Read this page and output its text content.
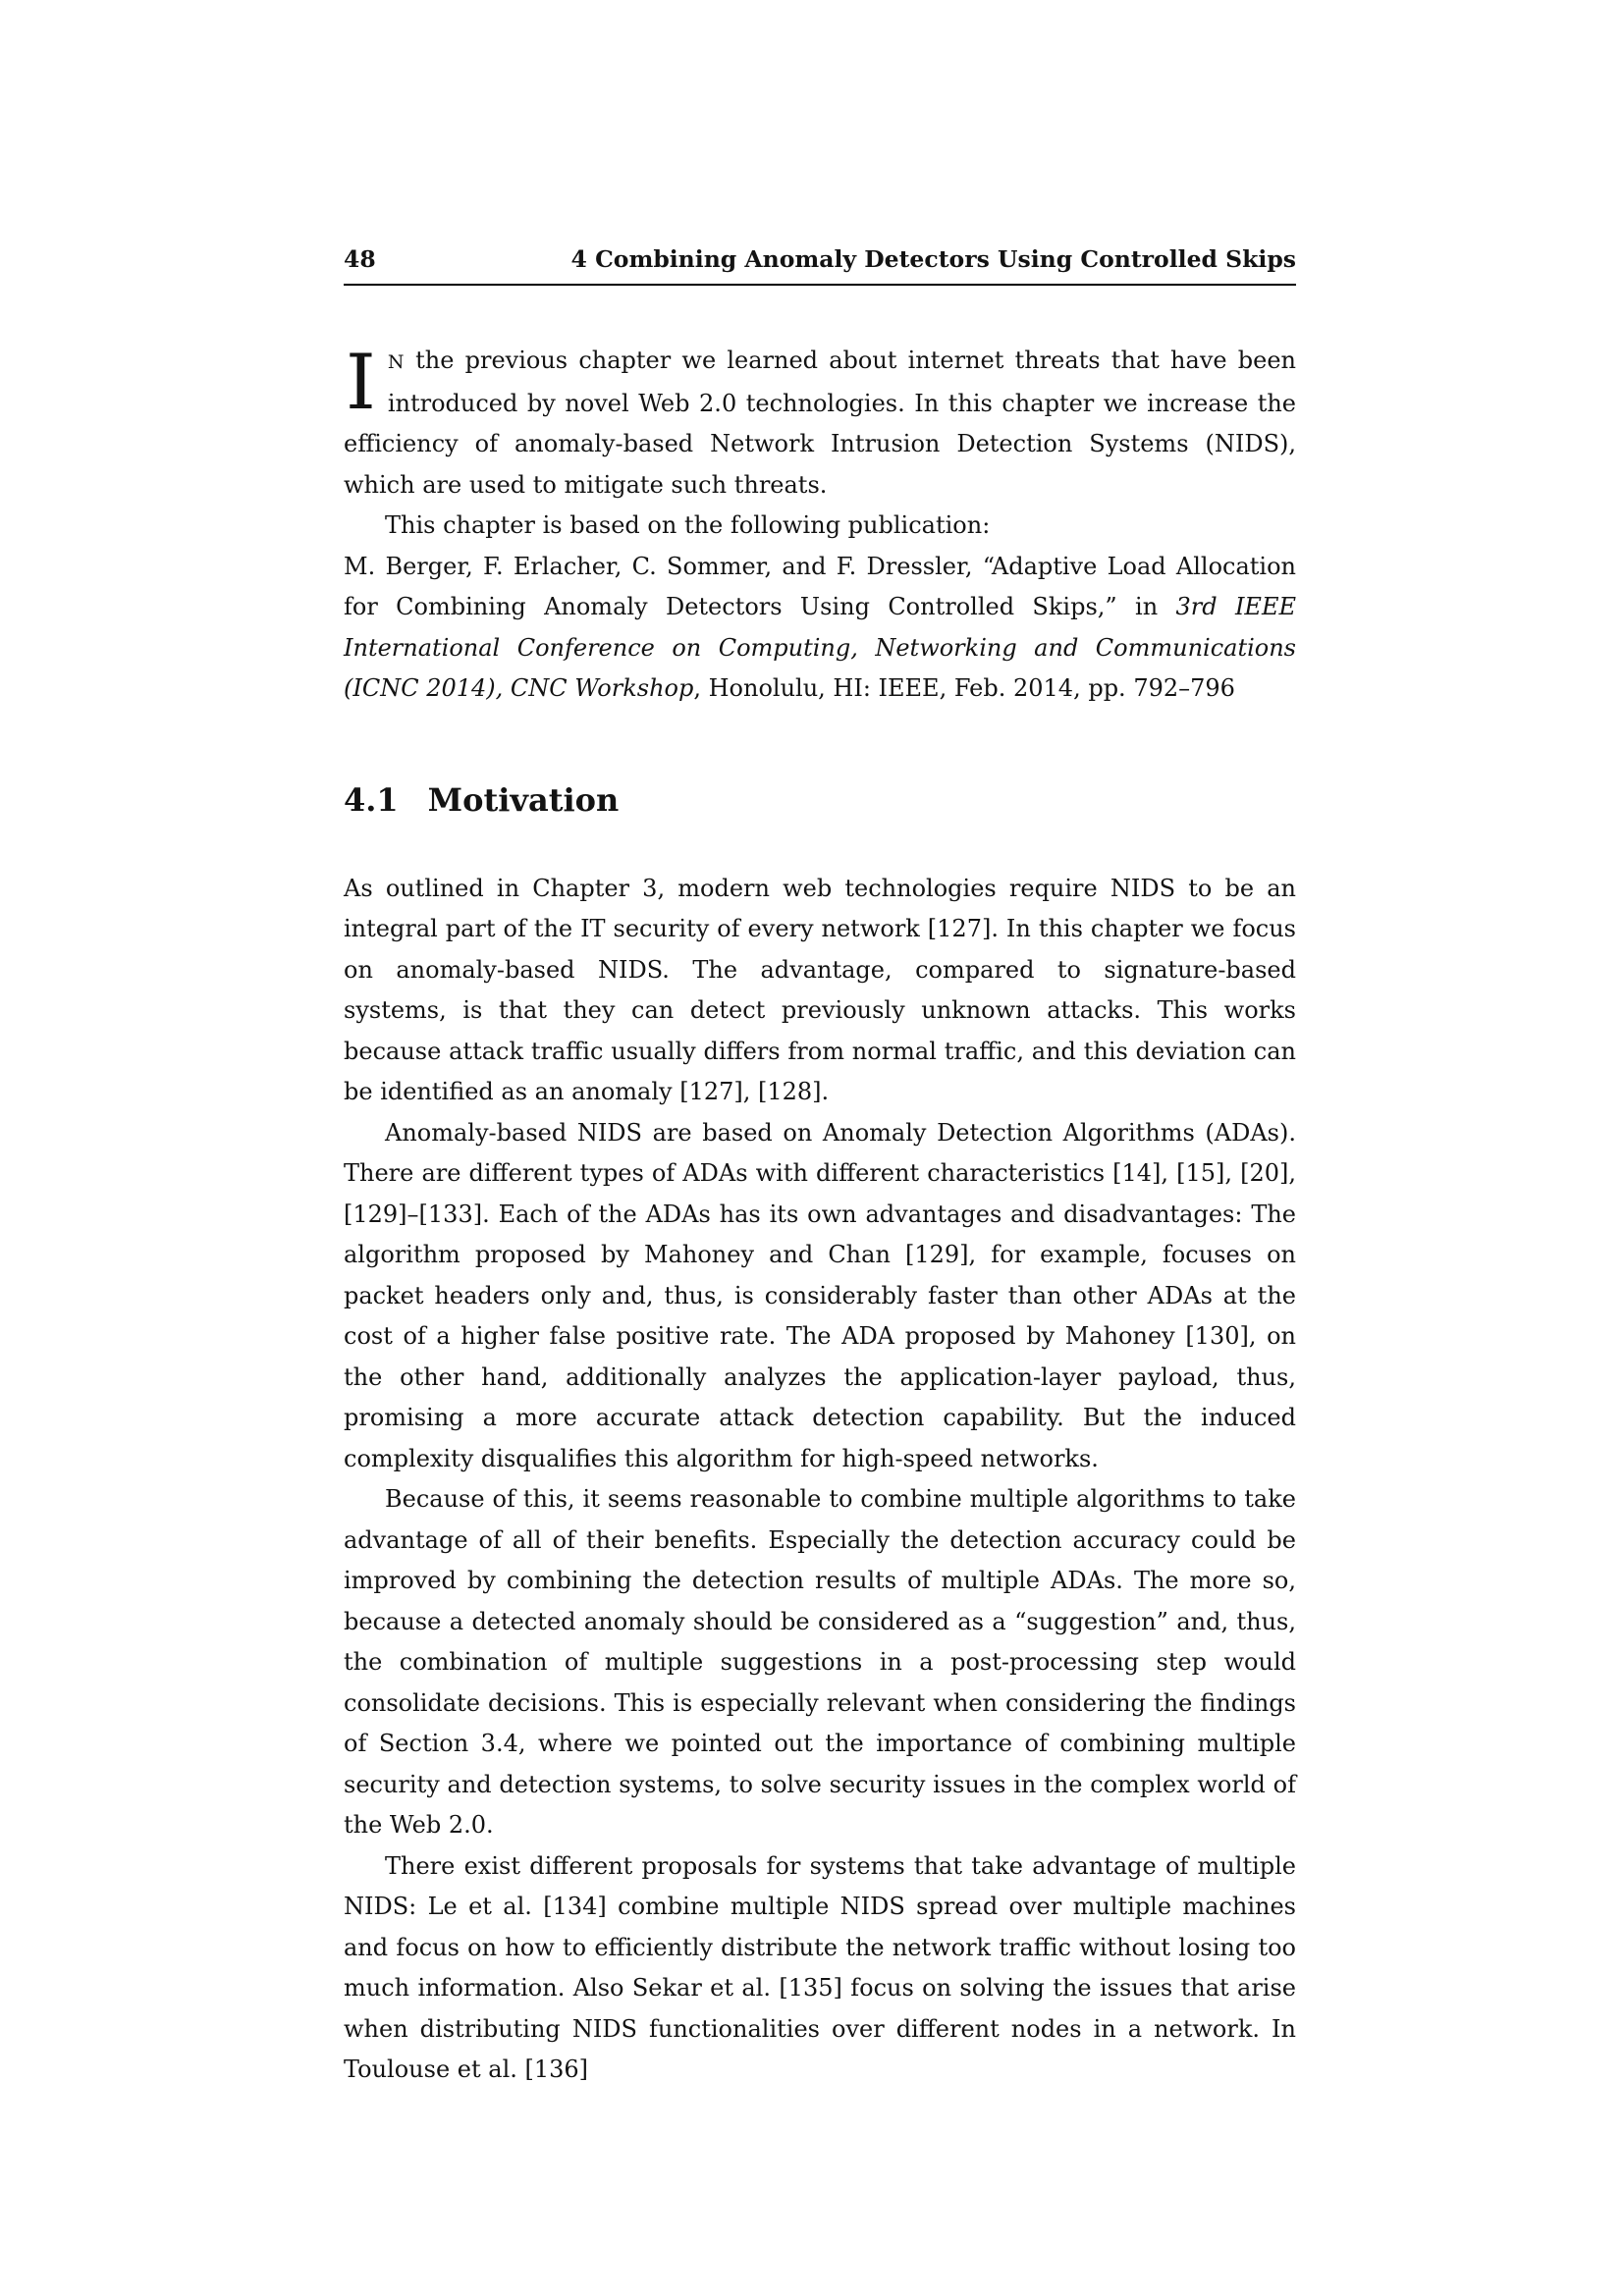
48	4 Combining Anomaly Detectors Using Controlled Skips

I N the previous chapter we learned about internet threats that have been introduced by novel Web 2.0 technologies. In this chapter we increase the efficiency of anomaly-based Network Intrusion Detection Systems (NIDS), which are used to mitigate such threats.

This chapter is based on the following publication:

M. Berger, F. Erlacher, C. Sommer, and F. Dressler, “Adaptive Load Allocation for Combining Anomaly Detectors Using Controlled Skips,” in 3rd IEEE International Conference on Computing, Networking and Communications (ICNC 2014), CNC Workshop, Honolulu, HI: IEEE, Feb. 2014, pp. 792–796

4.1 Motivation

As outlined in Chapter 3, modern web technologies require NIDS to be an integral part of the IT security of every network [127]. In this chapter we focus on anomaly-based NIDS. The advantage, compared to signature-based systems, is that they can detect previously unknown attacks. This works because attack traffic usually differs from normal traffic, and this deviation can be identified as an anomaly [127], [128].

Anomaly-based NIDS are based on Anomaly Detection Algorithms (ADAs). There are different types of ADAs with different characteristics [14], [15], [20], [129]–[133]. Each of the ADAs has its own advantages and disadvantages: The algorithm proposed by Mahoney and Chan [129], for example, focuses on packet headers only and, thus, is considerably faster than other ADAs at the cost of a higher false positive rate. The ADA proposed by Mahoney [130], on the other hand, additionally analyzes the application-layer payload, thus, promising a more accurate attack detection capability. But the induced complexity disqualifies this algorithm for high-speed networks.

Because of this, it seems reasonable to combine multiple algorithms to take advantage of all of their benefits. Especially the detection accuracy could be improved by combining the detection results of multiple ADAs. The more so, because a detected anomaly should be considered as a “suggestion” and, thus, the combination of multiple suggestions in a post-processing step would consolidate decisions. This is especially relevant when considering the findings of Section 3.4, where we pointed out the importance of combining multiple security and detection systems, to solve security issues in the complex world of the Web 2.0.

There exist different proposals for systems that take advantage of multiple NIDS: Le et al. [134] combine multiple NIDS spread over multiple machines and focus on how to efficiently distribute the network traffic without losing too much information. Also Sekar et al. [135] focus on solving the issues that arise when distributing NIDS functionalities over different nodes in a network. In Toulouse et al. [136]
